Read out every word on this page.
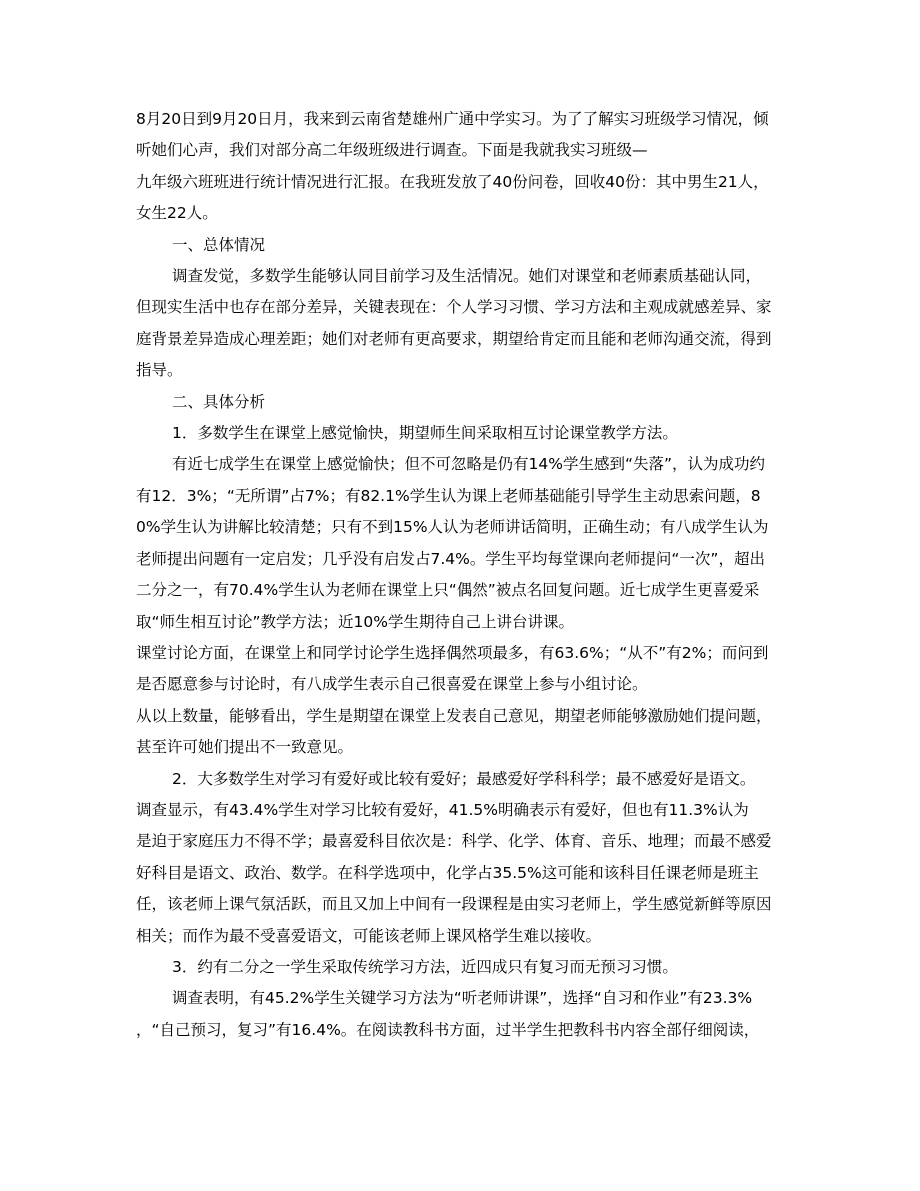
8月20日到9月20日月，我来到云南省楚雄州广通中学实习。为了了解实习班级学习情况，倾
听她们心声，我们对部分高二年级班级进行调查。下面是我就我实习班级—
九年级六班班进行统计情况进行汇报。在我班发放了40份问卷，回收40份：其中男生21人，
女生22人。
一、总体情况
调查发觉，多数学生能够认同目前学习及生活情况。她们对课堂和老师素质基础认同，
但现实生活中也存在部分差异，关键表现在：个人学习习惯、学习方法和主观成就感差异、家
庭背景差异造成心理差距；她们对老师有更高要求，期望给肯定而且能和老师沟通交流，得到
指导。
二、具体分析
1．多数学生在课堂上感觉愉快，期望师生间采取相互讨论课堂教学方法。
有近七成学生在课堂上感觉愉快；但不可忽略是仍有14%学生感到“失落”，认为成功约
有12．3%；“无所谓”占7%；有82.1%学生认为课上老师基础能引导学生主动思索问题，8
0%学生认为讲解比较清楚；只有不到15%人认为老师讲话简明，正确生动；有八成学生认为
老师提出问题有一定启发；几乎没有启发占7.4%。学生平均每堂课向老师提问“一次”，超出
二分之一，有70.4%学生认为老师在课堂上只“偶然”被点名回复问题。近七成学生更喜爱采
取“师生相互讨论”教学方法；近10%学生期待自己上讲台讲课。
课堂讨论方面，在课堂上和同学讨论学生选择偶然项最多，有63.6%；“从不”有2%；而问到
是否愿意参与讨论时，有八成学生表示自己很喜爱在课堂上参与小组讨论。
从以上数量，能够看出，学生是期望在课堂上发表自己意见，期望老师能够激励她们提问题，
甚至许可她们提出不一致意见。
2．大多数学生对学习有爱好或比较有爱好；最感爱好学科科学；最不感爱好是语文。
调查显示，有43.4%学生对学习比较有爱好，41.5%明确表示有爱好，但也有11.3%认为
是迫于家庭压力不得不学；最喜爱科目依次是：科学、化学、体育、音乐、地理；而最不感爱
好科目是语文、政治、数学。在科学选项中，化学占35.5%这可能和该科目任课老师是班主
任，该老师上课气氛活跃，而且又加上中间有一段课程是由实习老师上，学生感觉新鲜等原因
相关；而作为最不受喜爱语文，可能该老师上课风格学生难以接收。
3．约有二分之一学生采取传统学习方法，近四成只有复习而无预习习惯。
调查表明，有45.2%学生关键学习方法为“听老师讲课”，选择“自习和作业”有23.3%
，“自己预习，复习”有16.4%。在阅读教科书方面，过半学生把教科书内容全部仔细阅读，
